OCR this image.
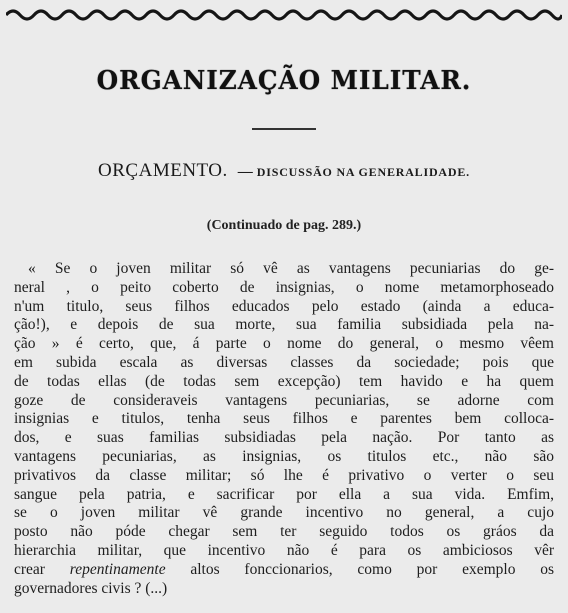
ORGANIZAÇÃO MILITAR.
ORÇAMENTO. — DISCUSSÃO NA GENERALIDADE.
(Continuado de pag. 289.)
« Se o joven militar só vê as vantagens pecuniarias do ge-
neral , o peito coberto de insignias, o nome metamorphoseado
n'um titulo, seus filhos educados pelo estado (ainda a educa-
ção!), e depois de sua morte, sua familia subsidiada pela na-
ção » é certo, que, á parte o nome do general, o mesmo vêem
em subida escala as diversas classes da sociedade; pois que
de todas ellas (de todas sem excepção) tem havido e ha quem
goze de consideraveis vantagens pecuniarias, se adorne com
insignias e titulos, tenha seus filhos e parentes bem colloca-
dos, e suas familias subsidiadas pela nação. Por tanto as
vantagens pecuniarias, as insignias, os titulos etc., não são
privativos da classe militar; só lhe é privativo o verter o seu
sangue pela patria, e sacrificar por ella a sua vida. Emfim,
se o joven militar vê grande incentivo no general, a cujo
posto não póde chegar sem ter seguido todos os gráos da
hierarchia militar, que incentivo não é para os ambiciosos vêr
crear repentinamente altos fonccionarios, como por exemplo os
governadores civis ? (...)
